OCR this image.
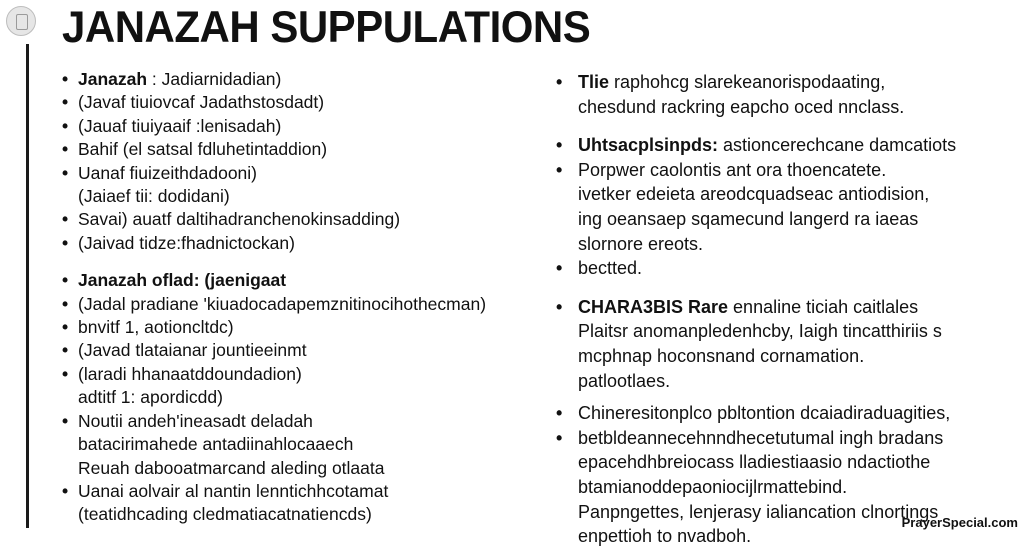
JANAZAH SUPPULATIONS
• Janazah : Jadiarnidadian)
• (Javaf tiuiovcaf Jadathstosdadt)
• (Jauaf tiuiyaaif :lenisadah)
• Bahif (el satsal fdluhetintaddion)
• Uanaf fiuizeithdadooni)
(Jaiaef tii: dodidani)
• Savai) auatf daltihadranchenokinsadding)
• (Jaivad tidze:fhadnictockan)
• Janazah oflad: (jaenigaat
• (Jadal pradiane 'kiuadocadapemznitinocihothecman)
• bnvitf 1, aotioncltdc)
• (Javad tlataianar jountieeinmt
• (laradi hhanaatddoundadion)
adtitf 1: apordicdd)
• Noutii andeh'ineasadt deladah
batacirimahede antadiinahlocaaech
Reuah dabooatmarcand aleding otlaata
• Uanai aolvair al nantin lenntichhcotamat
(teatidhcading cledmatiacatnatiencds)
• Tlie raphohcg slarekeanorispodaating,
chesdund rackring eapcho oced nnclass.
• Uhtsacplsinpds: astioncerechcane damcatiots
• Porpwer caolontis ant ora thoencatete.
ivetker edeieta areodcquadseac antiodision,
ing oeansaep sqamecund langerd ra iaeas
slornore ereots.
• bectted.
• CHARA3BIS Rare ennaline ticiah caitlales
Plaitsr anomanpledenhcby, Iaigh tincatthiriis s
mcphnap hoconsnand cornamation.
patlootlaes.
• Chineresitonplco pbltontion dcaiadiraduagities,
• betbldeannecehnndhecetutumal ingh bradans
epacehdhbreiocass lladiestiaasio ndactiothe
btamianoddepaoniocijlrmattebind.
Panpngettes, lenjerasy ialiancation clnortings
enpettioh to nvadboh.
PrayerSpecial.com
